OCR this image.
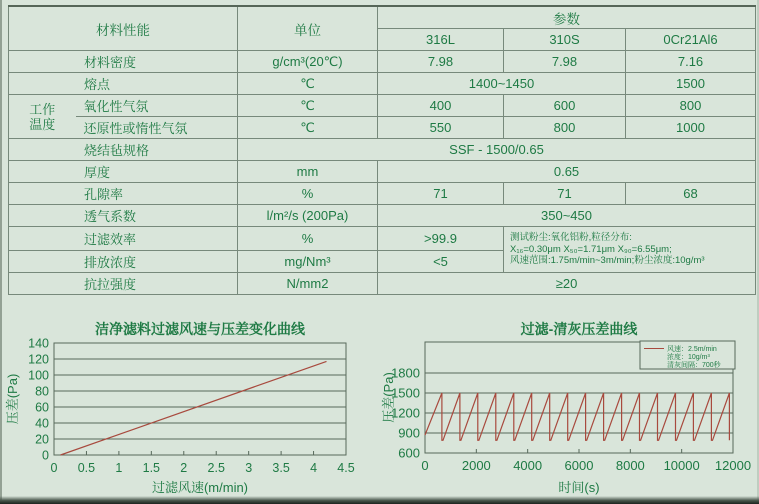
材料性能		单位	参数		
			316L	310S	0Cr21Al6
材料密度		g/cm³(20℃)	7.98	7.98	7.16
熔点		℃	1400~1450		1500
工作温度	氧化性气氛	℃	400	600	800
	还原性或惰性气氛	℃	550	800	1000
烧结毡规格		SSF - 1500/0.65			
厚度		mm	0.65		
孔隙率		%	71	71	68
透气系数		l/m²/s (200Pa)	350~450		
过滤效率		%	>99.9	测试粉尘:氧化铝粉,粒径分布:
X₁₆=0.30μm X₅₀=1.71μm X₉₀=6.55μm;
风速范围:1.75m/min~3m/min;粉尘浓度:10g/m³	

排放浓度		mg/Nm³	<5		
抗拉强度		N/mm2	≥20		
0
20
40
60
80
100
120
140
0 0.5 1 1.5 2 2.5 3 3.5 4 4.5
洁净滤料过滤风速与压差变化曲线
过滤风速(m/min)
压差(Pa)
600
900
1200
1500
1800
0	2000 4000 6000 8000 10000 12000
过滤-清灰压差曲线
时间(s)
压差(Pa)
风速：2.5m/min
浓度：10g/m³
清灰间隔：700秒
